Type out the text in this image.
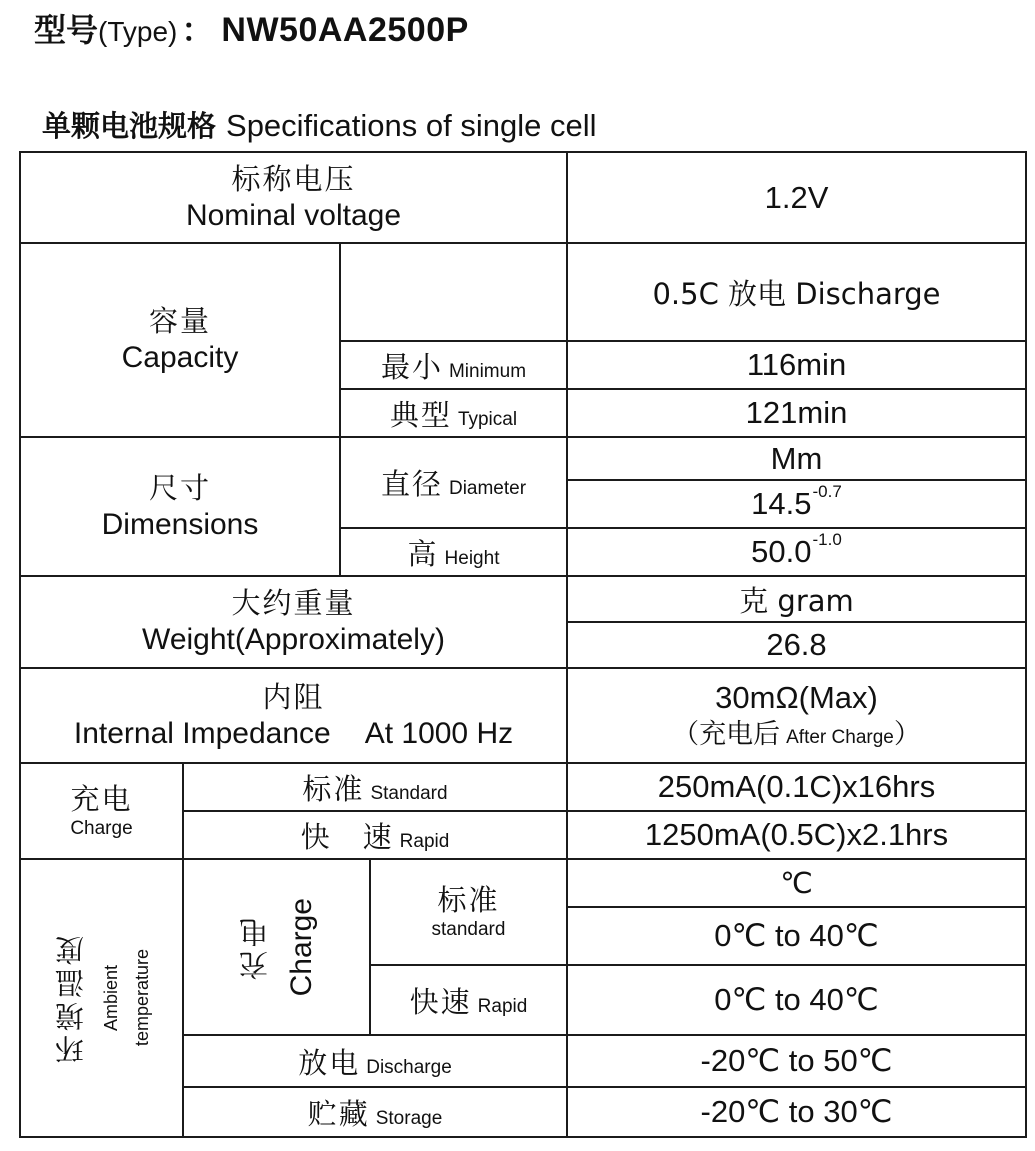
型号(Type) ： NW50AA2500P
单颗电池规格 Specifications of single cell
标称电压
Nominal voltage				1.2V

容量
Capacity				0.5C 放电 Discharge
		最小 Minimum		116min
		典型 Typical		121min

尺寸
Dimensions		直径 Diameter		Mm
				$14.5^{-0.7}$
		高 Height		$50.0^{-1.0}$

大约重量
Weight(Approximately)				克 gram
				26.8

内阻
Internal Impedance At 1000 Hz				30mΩ(Max)
（充电后 After Charge）

充电
Charge	标准 Standard			250mA(0.1C)x16hrs
	快　速 Rapid			1250mA(0.5C)x2.1hrs

环境温度 Ambient temperature	充电 Charge		标准
standard	℃
				0℃ to 40℃
			快速 Rapid	0℃ to 40℃

	放电 Discharge			-20℃ to 50℃
	贮藏 Storage			-20℃ to 30℃
